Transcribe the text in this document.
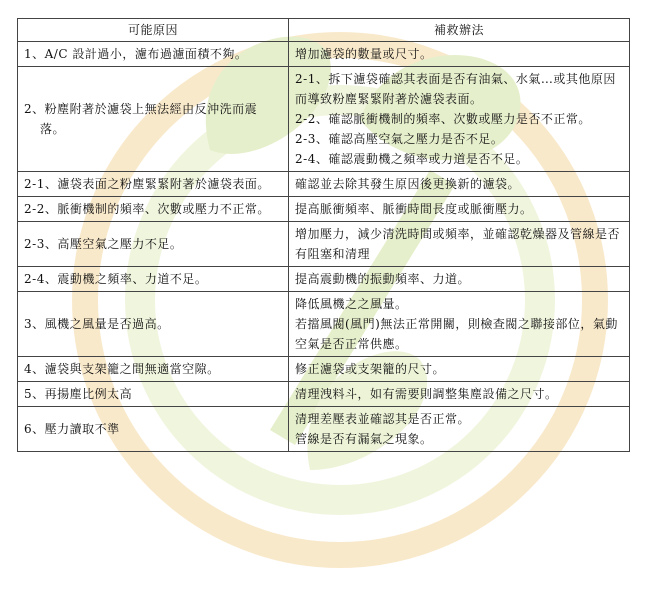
可能原因	補救辦法

1、A/C 設計過小，濾布過濾面積不夠。	增加濾袋的數量或尺寸。

2、粉塵附著於濾袋上無法經由反沖洗而震落。	2-1、拆下濾袋確認其表面是否有油氣、水氣…或其他原因而導致粉塵緊緊附著於濾袋表面。
2-2、確認脈衝機制的頻率、次數或壓力是否不正常。
2-3、確認高壓空氣之壓力是否不足。
2-4、確認震動機之頻率或力道是否不足。

2-1、濾袋表面之粉塵緊緊附著於濾袋表面。	確認並去除其發生原因後更換新的濾袋。

2-2、脈衝機制的頻率、次數或壓力不正常。	提高脈衝頻率、脈衝時間長度或脈衝壓力。

2-3、高壓空氣之壓力不足。	增加壓力，減少清洗時間或頻率，並確認乾燥器及管線是否有阻塞和清理

2-4、震動機之頻率、力道不足。	提高震動機的振動頻率、力道。

3、風機之風量是否過高。	降低風機之之風量。
若擋風閥(風門)無法正常開關，則檢查閥之聯接部位，氣動空氣是否正常供應。

4、濾袋與支架籠之間無適當空隙。	修正濾袋或支架籠的尺寸。

5、再揚塵比例太高	清理洩料斗，如有需要則調整集塵設備之尺寸。

6、壓力讀取不準	清理差壓表並確認其是否正常。
管線是否有漏氣之現象。
